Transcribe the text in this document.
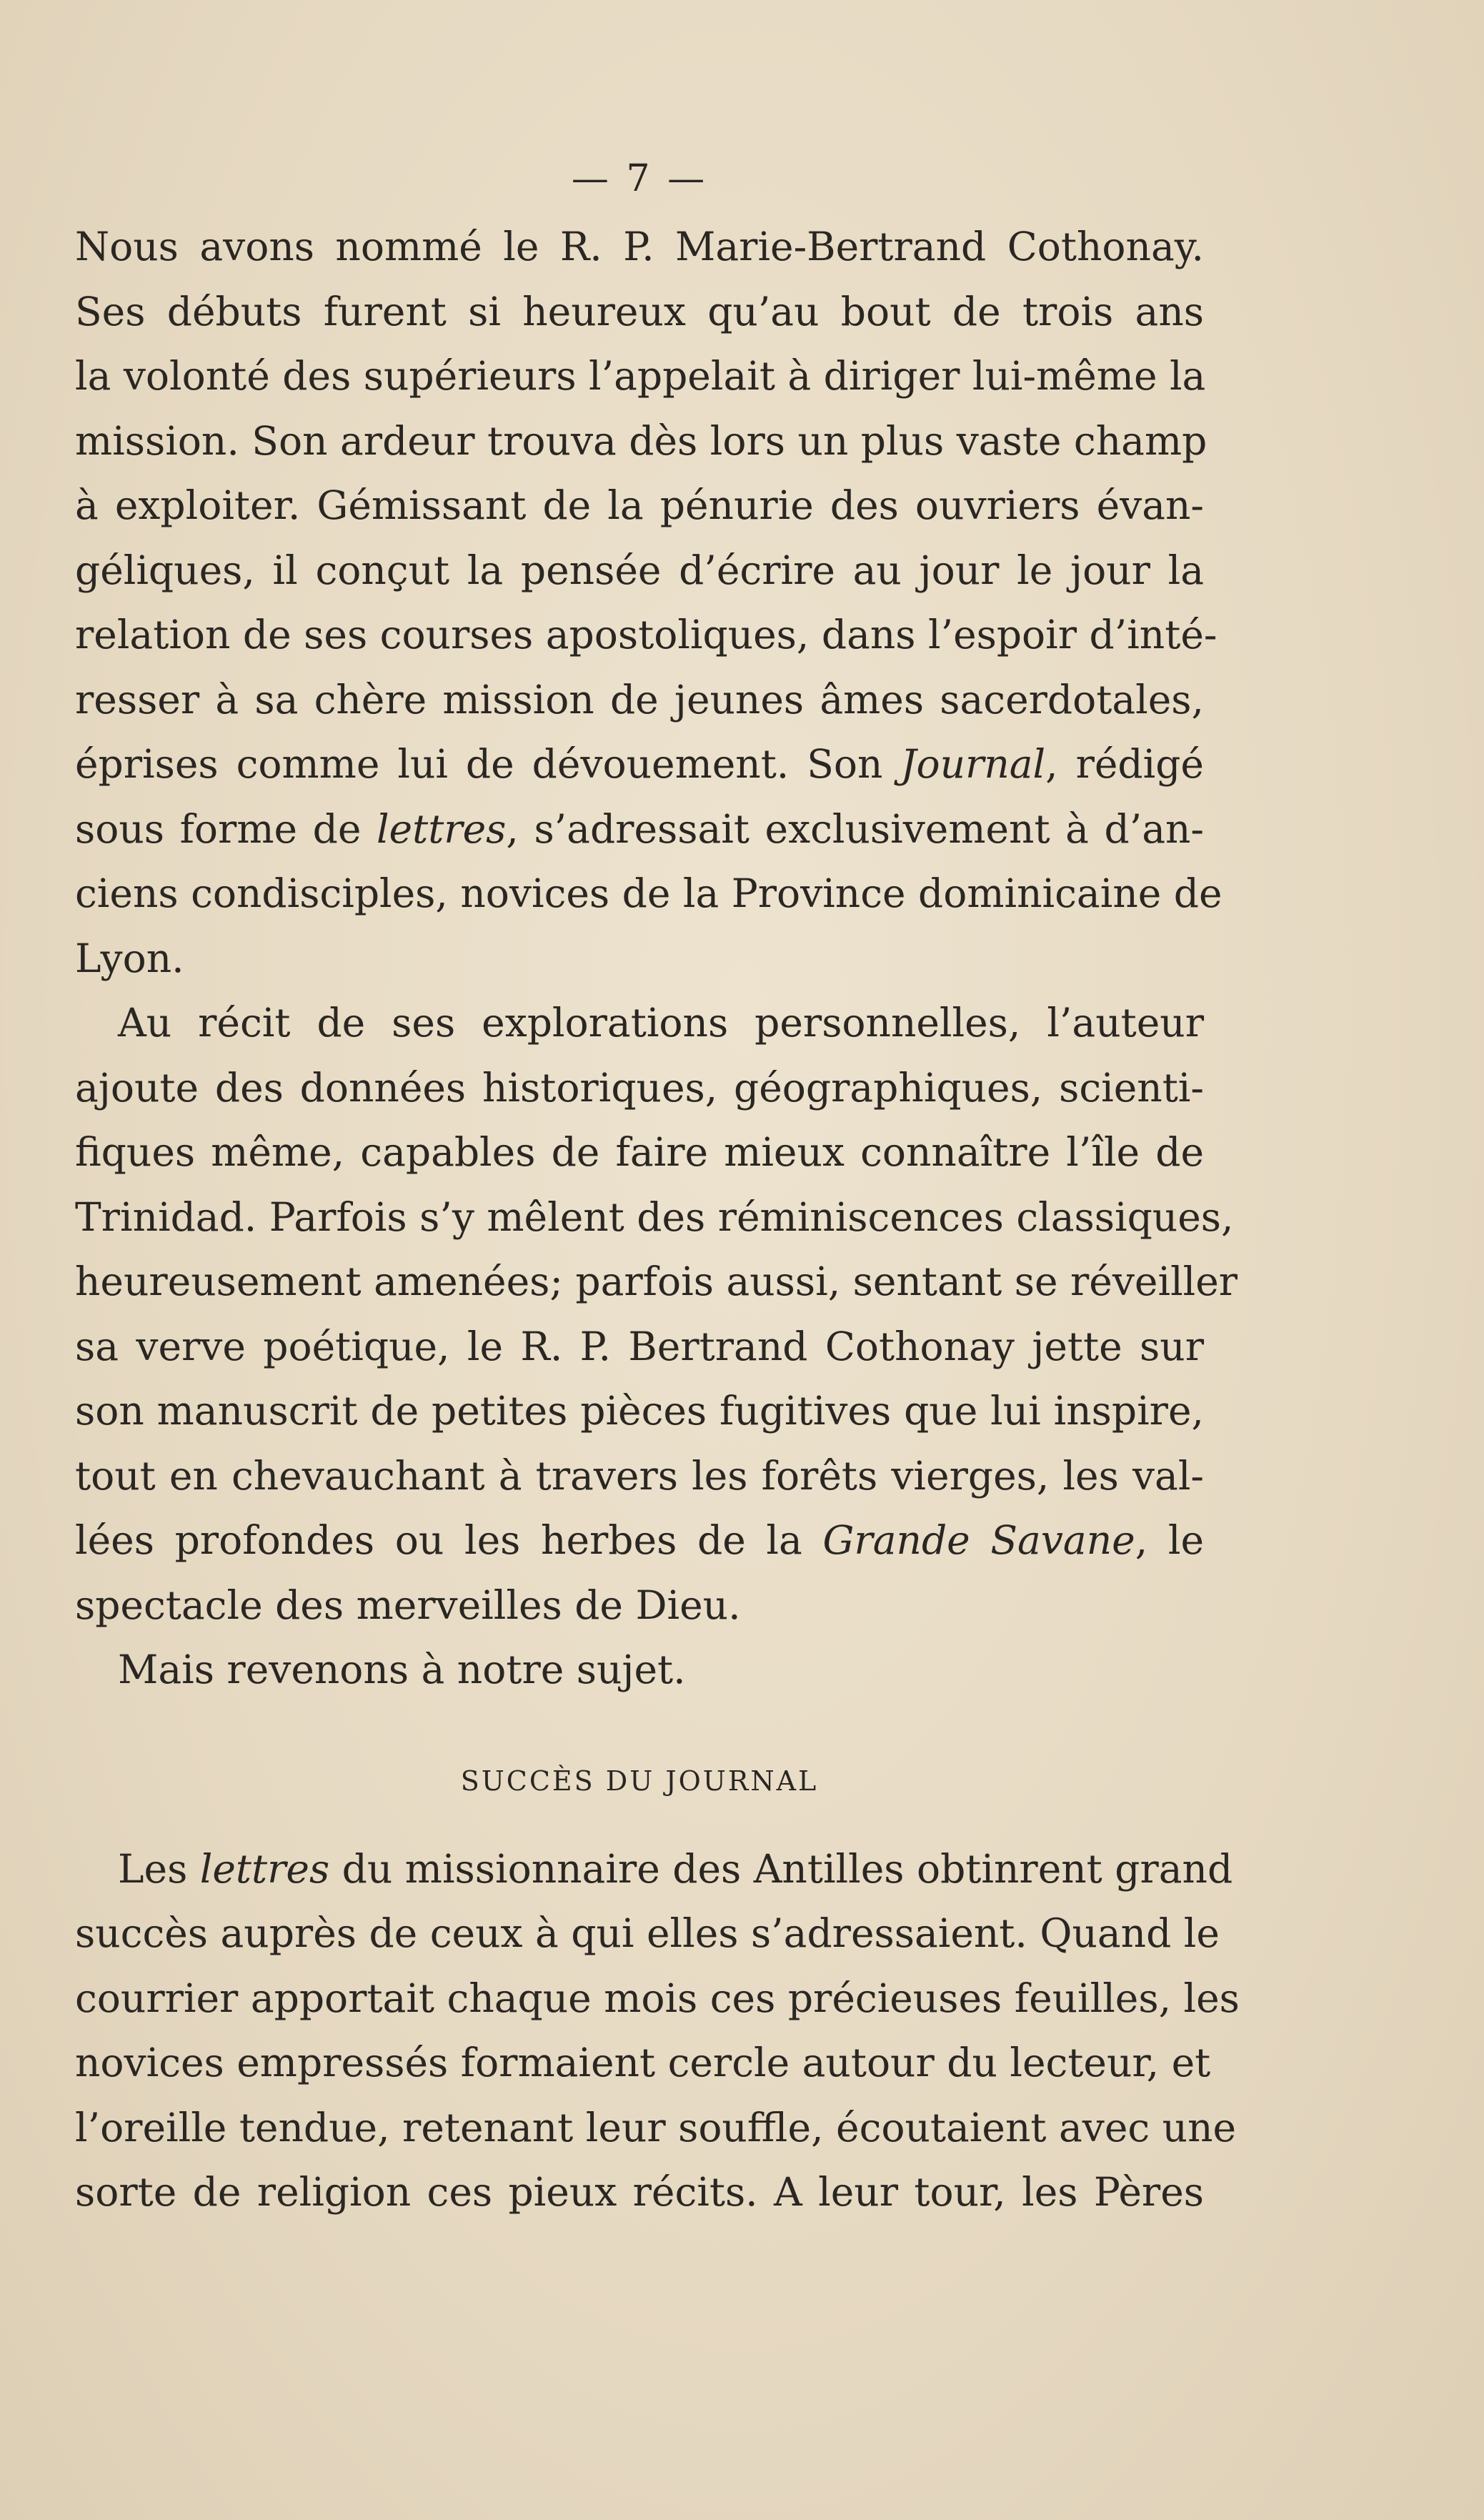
— 7 —
Nous avons nommé le R. P. Marie-Bertrand Cothonay.
Ses débuts furent si heureux qu’au bout de trois ans
la volonté des supérieurs l’appelait à diriger lui-même la
mission. Son ardeur trouva dès lors un plus vaste champ
à exploiter. Gémissant de la pénurie des ouvriers évan-
géliques, il conçut la pensée d’écrire au jour le jour la
relation de ses courses apostoliques, dans l’espoir d’inté-
resser à sa chère mission de jeunes âmes sacerdotales,
éprises comme lui de dévouement. Son Journal, rédigé
sous forme de lettres, s’adressait exclusivement à d’an-
ciens condisciples, novices de la Province dominicaine de
Lyon.
Au récit de ses explorations personnelles, l’auteur
ajoute des données historiques, géographiques, scienti-
fiques même, capables de faire mieux connaître l’île de
Trinidad. Parfois s’y mêlent des réminiscences classiques,
heureusement amenées; parfois aussi, sentant se réveiller
sa verve poétique, le R. P. Bertrand Cothonay jette sur
son manuscrit de petites pièces fugitives que lui inspire,
tout en chevauchant à travers les forêts vierges, les val-
lées profondes ou les herbes de la Grande Savane, le
spectacle des merveilles de Dieu.
Mais revenons à notre sujet.
SUCCÈS DU JOURNAL
Les lettres du missionnaire des Antilles obtinrent grand
succès auprès de ceux à qui elles s’adressaient. Quand le
courrier apportait chaque mois ces précieuses feuilles, les
novices empressés formaient cercle autour du lecteur, et
l’oreille tendue, retenant leur souffle, écoutaient avec une
sorte de religion ces pieux récits. A leur tour, les Pères
